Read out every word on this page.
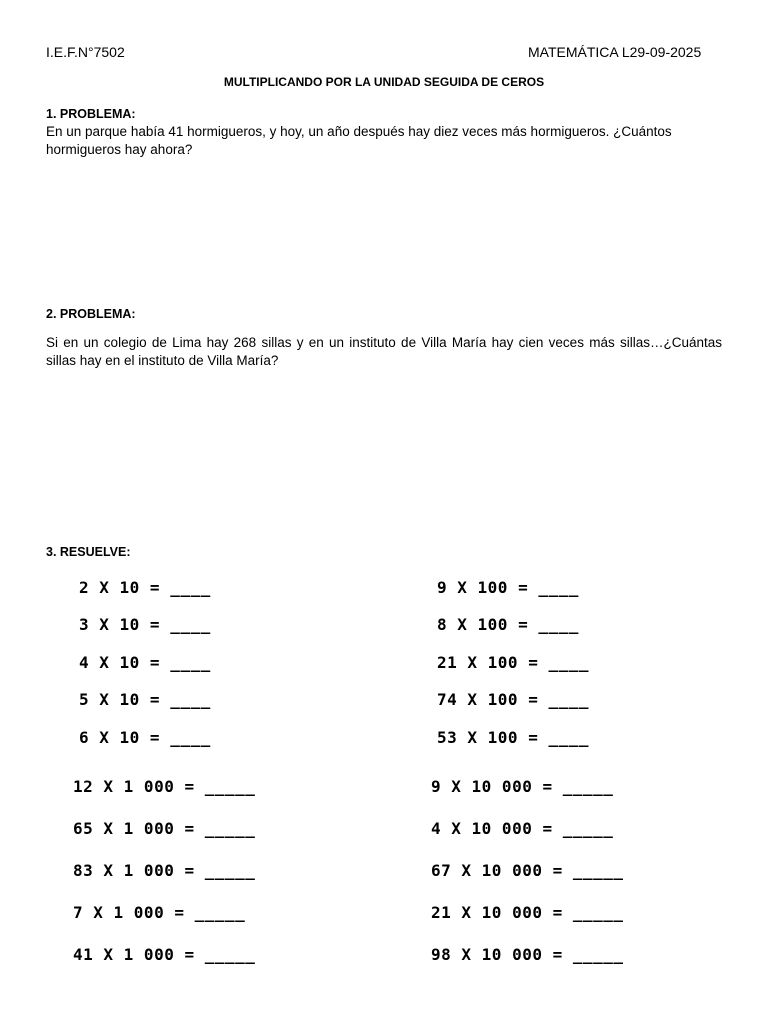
I.E.F.N°7502	MATEMÁTICA L29-09-2025
MULTIPLICANDO POR LA UNIDAD SEGUIDA DE CEROS
1. PROBLEMA:
En un parque había 41 hormigueros, y hoy, un año después hay diez veces más hormigueros. ¿Cuántos hormigueros hay ahora?
2. PROBLEMA:
Si en un colegio de Lima hay 268 sillas y en un instituto de Villa María hay cien veces más sillas…¿Cuántas sillas hay en el instituto de Villa María?
3. RESUELVE:
2 X 10 = ____
3 X 10 = ____
4 X 10 = ____
5 X 10 = ____
6 X 10 = ____
9 X 100 = ____
8 X 100 = ____
21 X 100 = ____
74 X 100 = ____
53 X 100 = ____
12 X 1 000 = _____
65 X 1 000 = _____
83 X 1 000 = _____
7 X 1 000 = _____
41 X 1 000 = _____
9 X 10 000 = _____
4 X 10 000 = _____
67 X 10 000 = _____
21 X 10 000 = _____
98 X 10 000 = _____
